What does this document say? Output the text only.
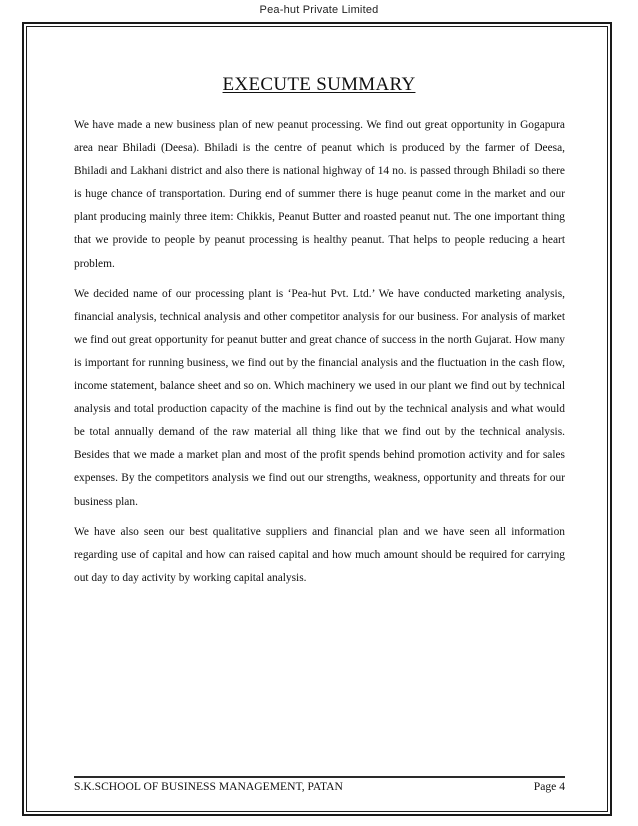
Pea-hut Private Limited
EXECUTE SUMMARY

We have made a new business plan of new peanut processing. We find out great opportunity in Gogapura area near Bhiladi (Deesa). Bhiladi is the centre of peanut which is produced by the farmer of Deesa, Bhiladi and Lakhani district and also there is national highway of 14 no. is passed through Bhiladi so there is huge chance of transportation. During end of summer there is huge peanut come in the market and our plant producing mainly three item: Chikkis, Peanut Butter and roasted peanut nut. The one important thing that we provide to people by peanut processing is healthy peanut. That helps to people reducing a heart problem.

We decided name of our processing plant is ‘Pea-hut Pvt. Ltd.’ We have conducted marketing analysis, financial analysis, technical analysis and other competitor analysis for our business. For analysis of market we find out great opportunity for peanut butter and great chance of success in the north Gujarat. How many is important for running business, we find out by the financial analysis and the fluctuation in the cash flow, income statement, balance sheet and so on. Which machinery we used in our plant we find out by technical analysis and total production capacity of the machine is find out by the technical analysis and what would be total annually demand of the raw material all thing like that we find out by the technical analysis. Besides that we made a market plan and most of the profit spends behind promotion activity and for sales expenses. By the competitors analysis we find out our strengths, weakness, opportunity and threats for our business plan.

We have also seen our best qualitative suppliers and financial plan and we have seen all information regarding use of capital and how can raised capital and how much amount should be required for carrying out day to day activity by working capital analysis.

S.K.SCHOOL OF BUSINESS MANAGEMENT, PATAN	Page 4
